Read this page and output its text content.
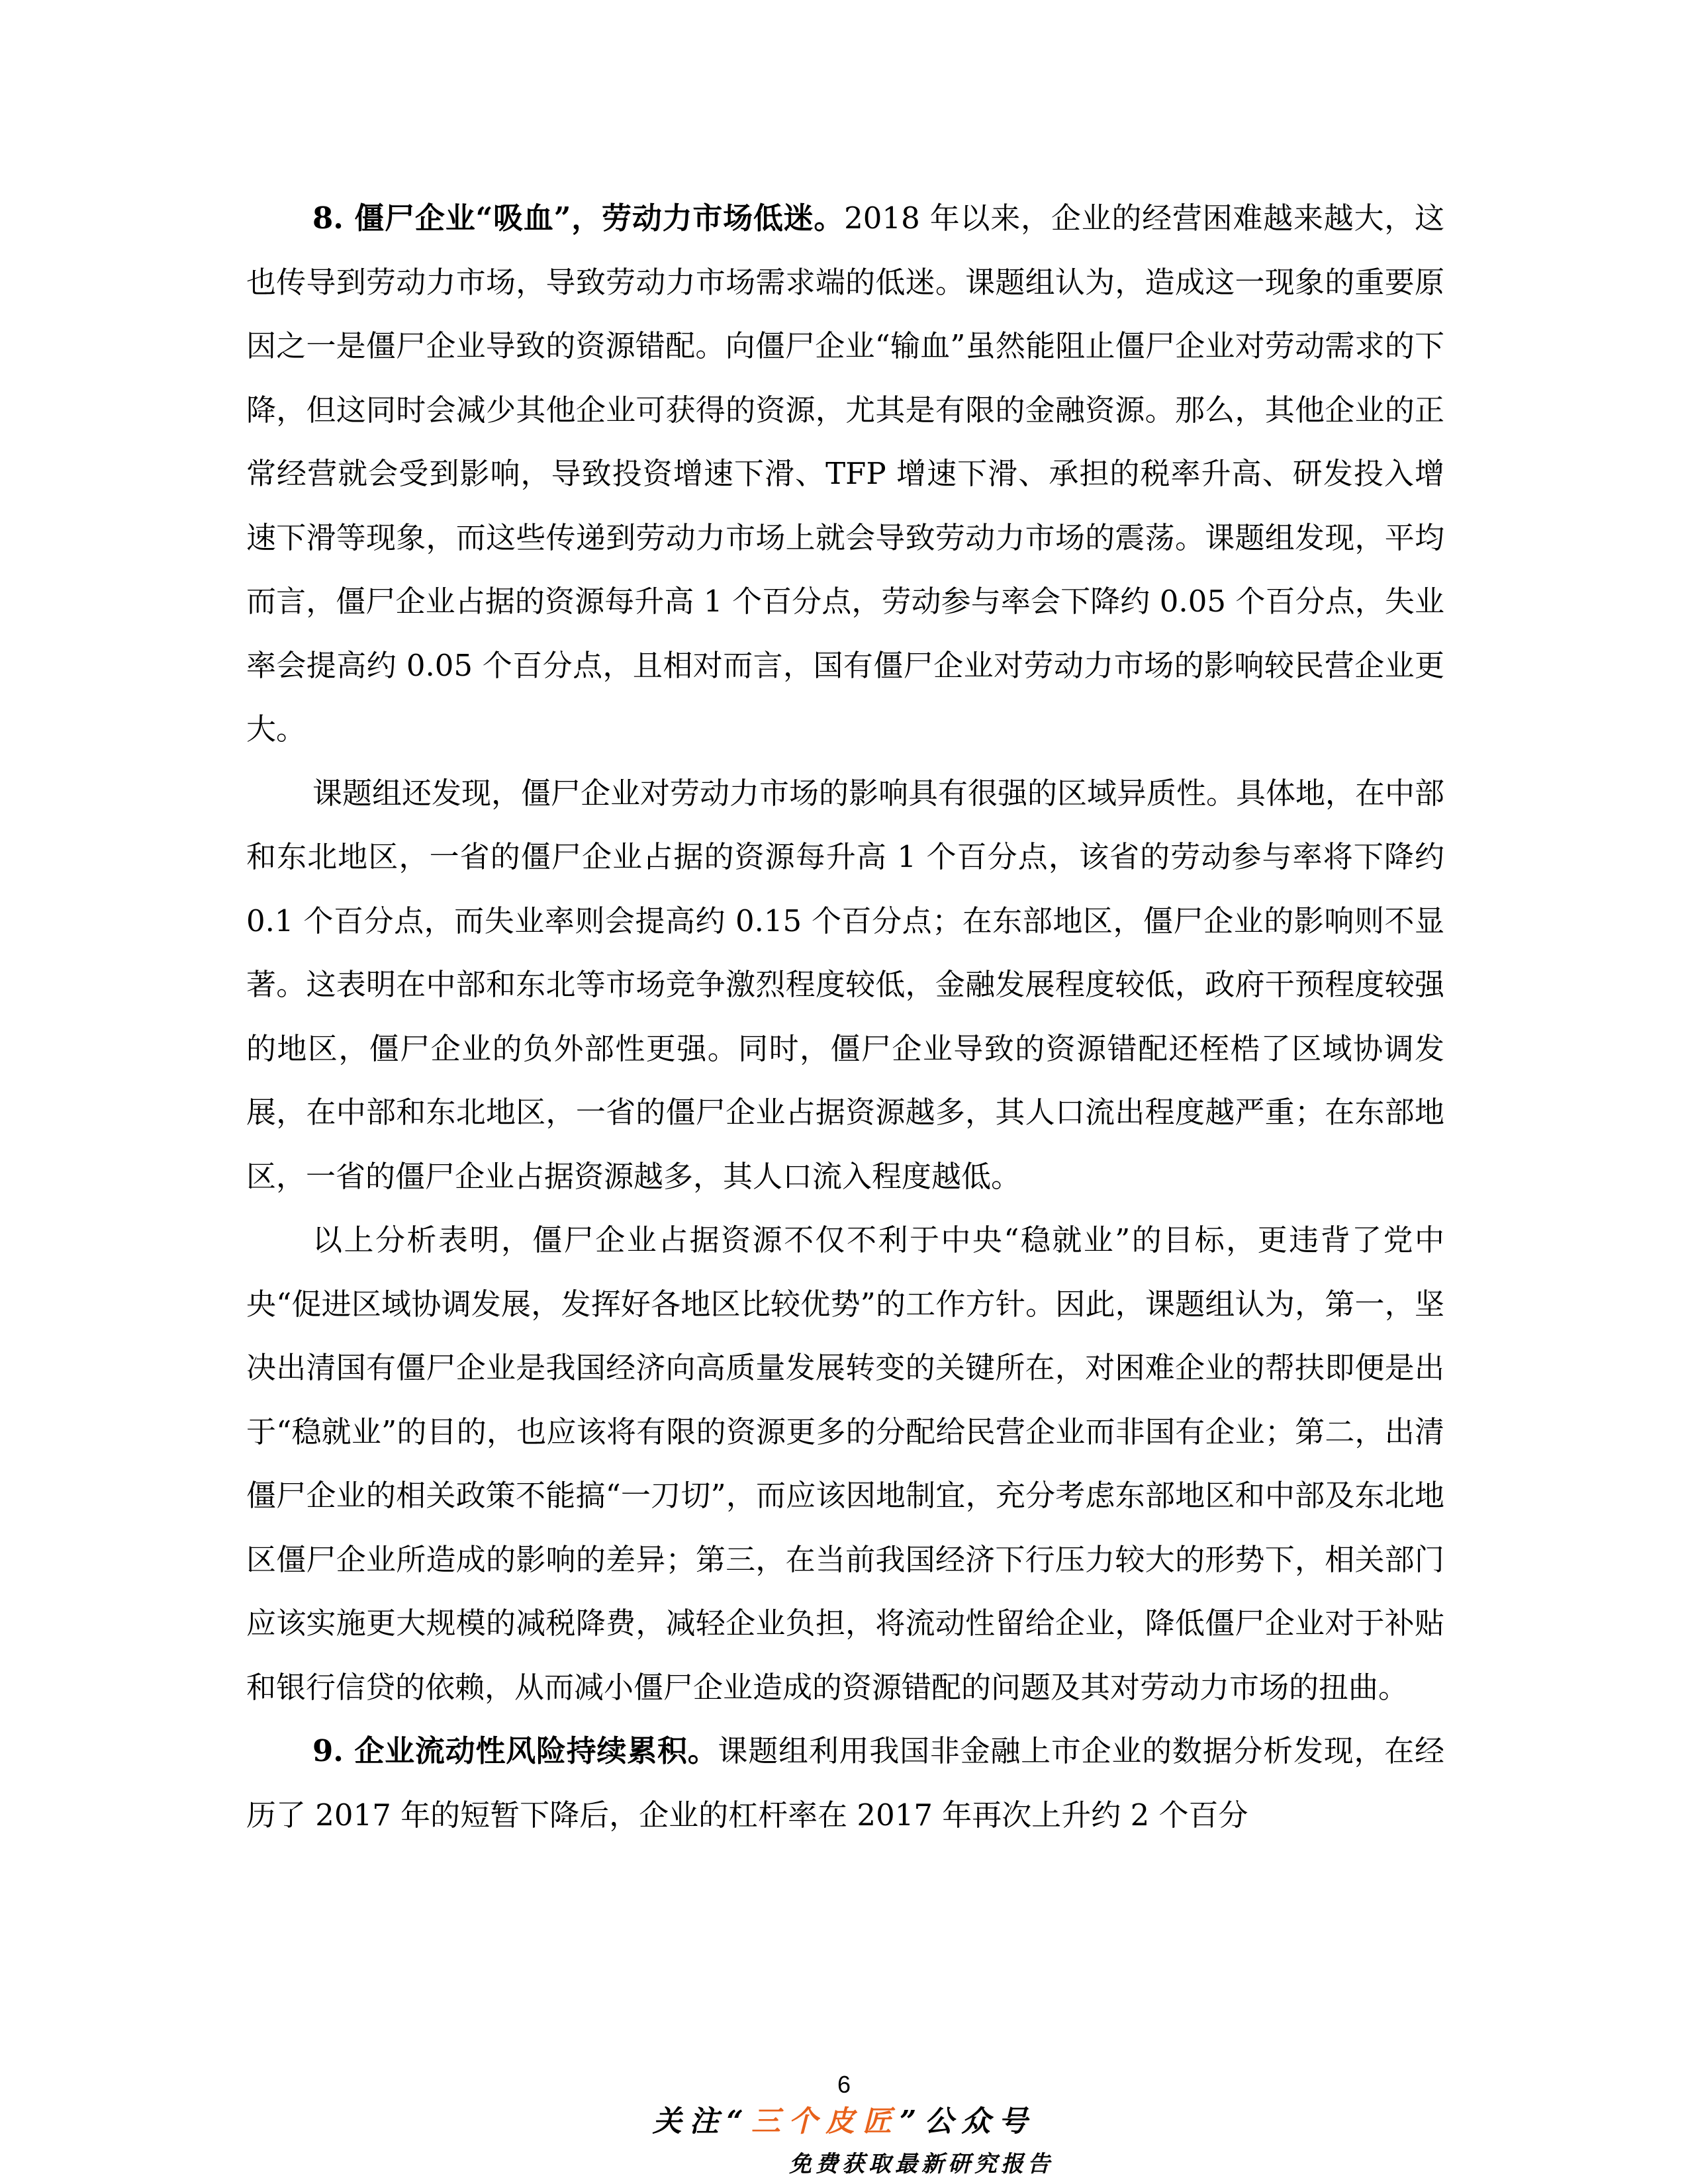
8. 僵尸企业“吸血”，劳动力市场低迷。2018 年以来，企业的经营困难越来越大，这也传导到劳动力市场，导致劳动力市场需求端的低迷。课题组认为，造成这一现象的重要原因之一是僵尸企业导致的资源错配。向僵尸企业“输血”虽然能阻止僵尸企业对劳动需求的下降，但这同时会减少其他企业可获得的资源，尤其是有限的金融资源。那么，其他企业的正常经营就会受到影响，导致投资增速下滑、TFP 增速下滑、承担的税率升高、研发投入增速下滑等现象，而这些传递到劳动力市场上就会导致劳动力市场的震荡。课题组发现，平均而言，僵尸企业占据的资源每升高 1 个百分点，劳动参与率会下降约 0.05 个百分点，失业率会提高约 0.05 个百分点，且相对而言，国有僵尸企业对劳动力市场的影响较民营企业更大。

课题组还发现，僵尸企业对劳动力市场的影响具有很强的区域异质性。具体地，在中部和东北地区，一省的僵尸企业占据的资源每升高 1 个百分点，该省的劳动参与率将下降约 0.1 个百分点，而失业率则会提高约 0.15 个百分点；在东部地区，僵尸企业的影响则不显著。这表明在中部和东北等市场竞争激烈程度较低，金融发展程度较低，政府干预程度较强的地区，僵尸企业的负外部性更强。同时，僵尸企业导致的资源错配还桎梏了区域协调发展，在中部和东北地区，一省的僵尸企业占据资源越多，其人口流出程度越严重；在东部地区，一省的僵尸企业占据资源越多，其人口流入程度越低。

以上分析表明，僵尸企业占据资源不仅不利于中央“稳就业”的目标，更违背了党中央“促进区域协调发展，发挥好各地区比较优势”的工作方针。因此，课题组认为，第一，坚决出清国有僵尸企业是我国经济向高质量发展转变的关键所在，对困难企业的帮扶即便是出于“稳就业”的目的，也应该将有限的资源更多的分配给民营企业而非国有企业；第二，出清僵尸企业的相关政策不能搞“一刀切”，而应该因地制宜，充分考虑东部地区和中部及东北地区僵尸企业所造成的影响的差异；第三，在当前我国经济下行压力较大的形势下，相关部门应该实施更大规模的减税降费，减轻企业负担，将流动性留给企业，降低僵尸企业对于补贴和银行信贷的依赖，从而减小僵尸企业造成的资源错配的问题及其对劳动力市场的扭曲。

9. 企业流动性风险持续累积。课题组利用我国非金融上市企业的数据分析发现，在经历了 2017 年的短暂下降后，企业的杠杆率在 2017 年再次上升约 2 个百分

6
关注“三个皮匠”公众号
免费获取最新研究报告
